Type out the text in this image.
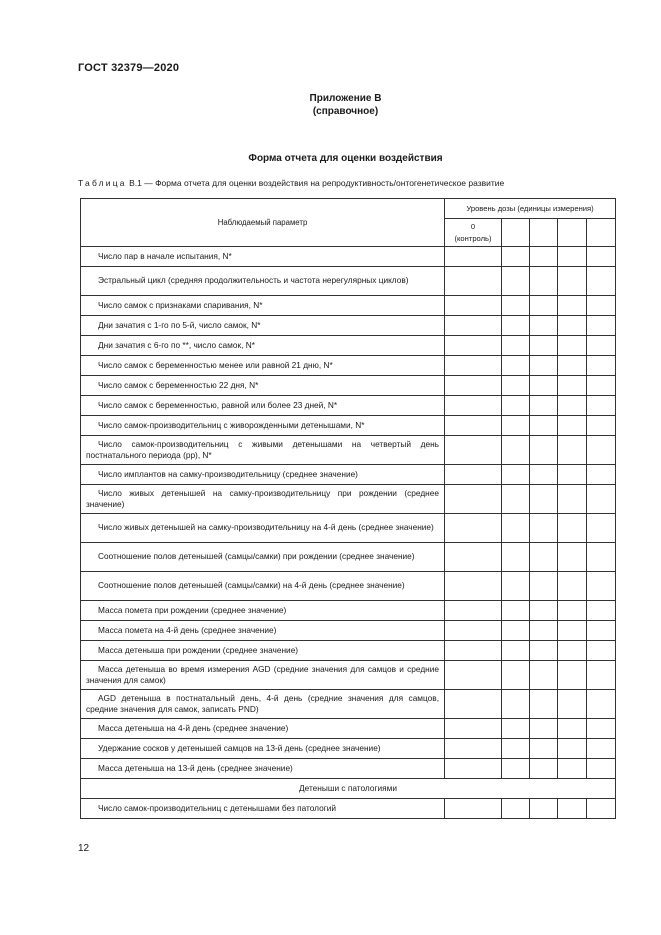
ГОСТ 32379—2020
Приложение В
(справочное)
Форма отчета для оценки воздействия
Таблица В.1 — Форма отчета для оценки воздействия на репродуктивность/онтогенетическое развитие
Наблюдаемый параметр	Уровень дозы (единицы измерения)				

	0
(контроль)				

Число пар в начале испытания, N*					
Эстральный цикл (средняя продолжительность и частота нерегулярных циклов)					
Число самок с признаками спаривания, N*					
Дни зачатия с 1-го по 5-й, число самок, N*					
Дни зачатия с 6-го по **, число самок, N*					
Число самок с беременностью менее или равной 21 дню, N*					
Число самок с беременностью 22 дня, N*					
Число самок с беременностью, равной или более 23 дней, N*					
Число самок-производительниц с живорожденными детенышами, N*					
Число самок-производительниц с живыми детенышами на четвертый день постнатального периода (pp), N*					
Число имплантов на самку-производительницу (среднее значение)					
Число живых детенышей на самку-производительницу при рождении (среднее значение)					
Число живых детенышей на самку-производительницу на 4-й день (среднее значение)					
Соотношение полов детенышей (самцы/самки) при рождении (среднее значение)					
Соотношение полов детенышей (самцы/самки) на 4-й день (среднее значение)					
Масса помета при рождении (среднее значение)					
Масса помета на 4-й день (среднее значение)					
Масса детеныша при рождении (среднее значение)					
Масса детеныша во время измерения AGD (средние значения для самцов и средние значения для самок)					
AGD детеныша в постнатальный день, 4-й день (средние значения для самцов, средние значения для самок, записать PND)					
Масса детеныша на 4-й день (среднее значение)					
Удержание сосков у детенышей самцов на 13-й день (среднее значение)					
Масса детеныша на 13-й день (среднее значение)					
Детеныши с патологиями					
Число самок-производительниц с детенышами без патологий					
12
